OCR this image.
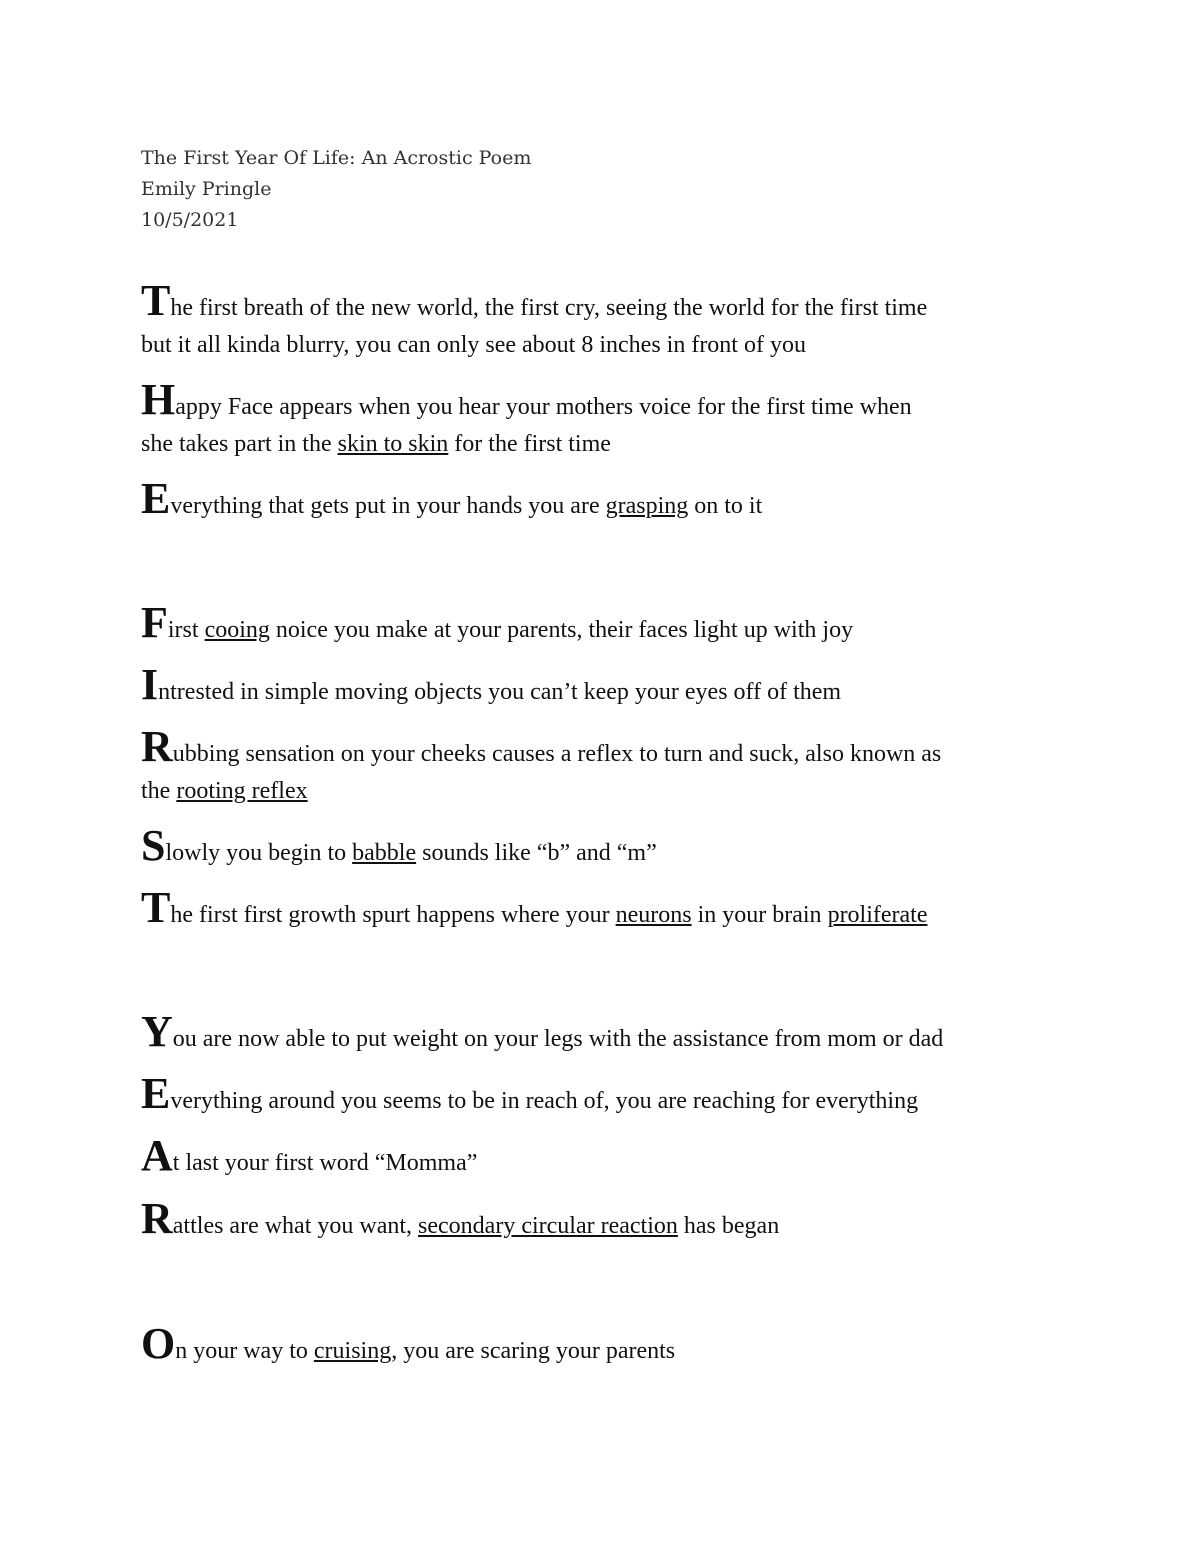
The First Year Of Life: An Acrostic Poem
Emily Pringle
10/5/2021
The first breath of the new world, the first cry, seeing the world for the first time
but it all kinda blurry, you can only see about 8 inches in front of you
Happy Face appears when you hear your mothers voice for the first time when
she takes part in the skin to skin for the first time
Everything that gets put in your hands you are grasping on to it
First cooing noice you make at your parents, their faces light up with joy
Intrested in simple moving objects you can’t keep your eyes off of them
Rubbing sensation on your cheeks causes a reflex to turn and suck, also known as
the rooting reflex
Slowly you begin to babble sounds like “b” and “m”
The first first growth spurt happens where your neurons in your brain proliferate
You are now able to put weight on your legs with the assistance from mom or dad
Everything around you seems to be in reach of, you are reaching for everything
At last your first word “Momma”
Rattles are what you want, secondary circular reaction has began
On your way to cruising, you are scaring your parents
